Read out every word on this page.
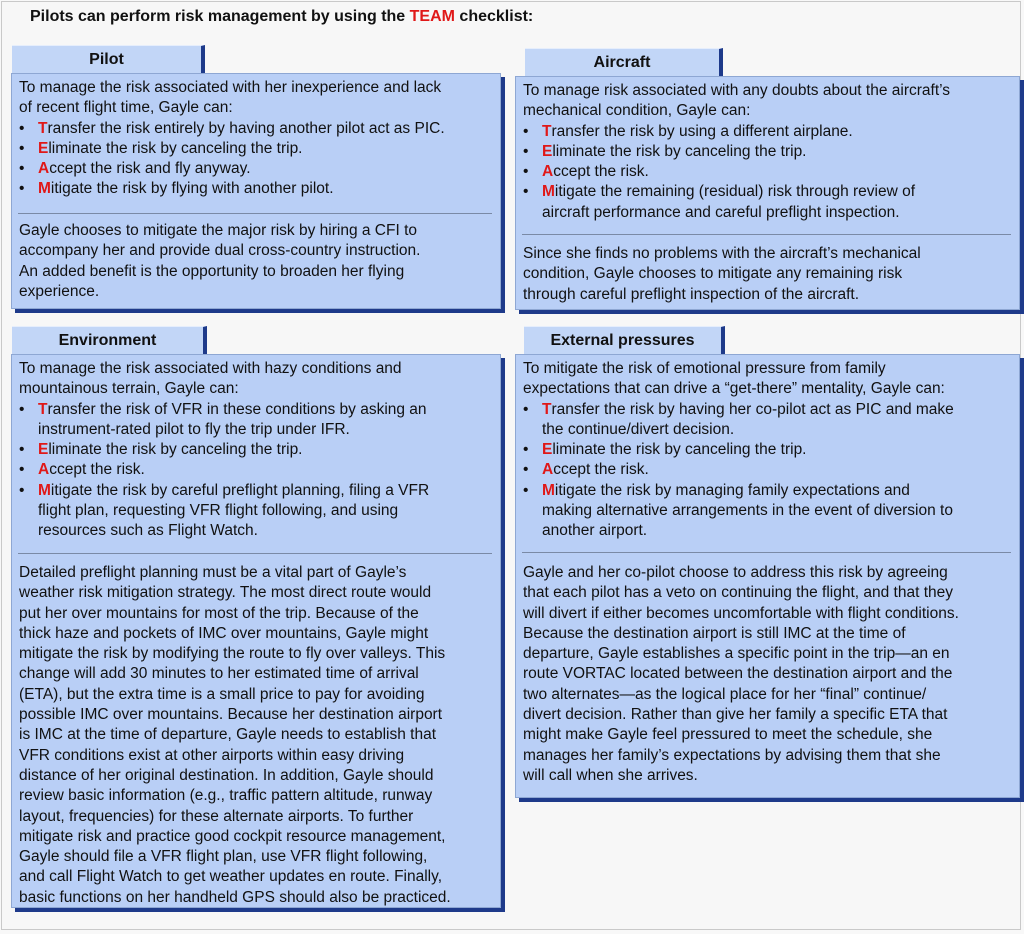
Pilots can perform risk management by using the TEAM checklist:
Pilot
To manage the risk associated with her inexperience and lack
of recent flight time, Gayle can:
• Transfer the risk entirely by having another pilot act as PIC.
• Eliminate the risk by canceling the trip.
• Accept the risk and fly anyway.
• Mitigate the risk by flying with another pilot.
Gayle chooses to mitigate the major risk by hiring a CFI to
accompany her and provide dual cross-country instruction.
An added benefit is the opportunity to broaden her flying
experience.
Aircraft
To manage risk associated with any doubts about the aircraft’s
mechanical condition, Gayle can:
• Transfer the risk by using a different airplane.
• Eliminate the risk by canceling the trip.
• Accept the risk.
• Mitigate the remaining (residual) risk through review of
aircraft performance and careful preflight inspection.
Since she finds no problems with the aircraft’s mechanical
condition, Gayle chooses to mitigate any remaining risk
through careful preflight inspection of the aircraft.
Environment
To manage the risk associated with hazy conditions and
mountainous terrain, Gayle can:
• Transfer the risk of VFR in these conditions by asking an
instrument-rated pilot to fly the trip under IFR.
• Eliminate the risk by canceling the trip.
• Accept the risk.
• Mitigate the risk by careful preflight planning, filing a VFR
flight plan, requesting VFR flight following, and using
resources such as Flight Watch.
Detailed preflight planning must be a vital part of Gayle’s
weather risk mitigation strategy. The most direct route would
put her over mountains for most of the trip. Because of the
thick haze and pockets of IMC over mountains, Gayle might
mitigate the risk by modifying the route to fly over valleys. This
change will add 30 minutes to her estimated time of arrival
(ETA), but the extra time is a small price to pay for avoiding
possible IMC over mountains. Because her destination airport
is IMC at the time of departure, Gayle needs to establish that
VFR conditions exist at other airports within easy driving
distance of her original destination. In addition, Gayle should
review basic information (e.g., traffic pattern altitude, runway
layout, frequencies) for these alternate airports. To further
mitigate risk and practice good cockpit resource management,
Gayle should file a VFR flight plan, use VFR flight following,
and call Flight Watch to get weather updates en route. Finally,
basic functions on her handheld GPS should also be practiced.
External pressures
To mitigate the risk of emotional pressure from family
expectations that can drive a “get-there” mentality, Gayle can:
• Transfer the risk by having her co-pilot act as PIC and make
the continue/divert decision.
• Eliminate the risk by canceling the trip.
• Accept the risk.
• Mitigate the risk by managing family expectations and
making alternative arrangements in the event of diversion to
another airport.
Gayle and her co-pilot choose to address this risk by agreeing
that each pilot has a veto on continuing the flight, and that they
will divert if either becomes uncomfortable with flight conditions.
Because the destination airport is still IMC at the time of
departure, Gayle establishes a specific point in the trip—an en
route VORTAC located between the destination airport and the
two alternates—as the logical place for her “final” continue/
divert decision. Rather than give her family a specific ETA that
might make Gayle feel pressured to meet the schedule, she
manages her family’s expectations by advising them that she
will call when she arrives.
